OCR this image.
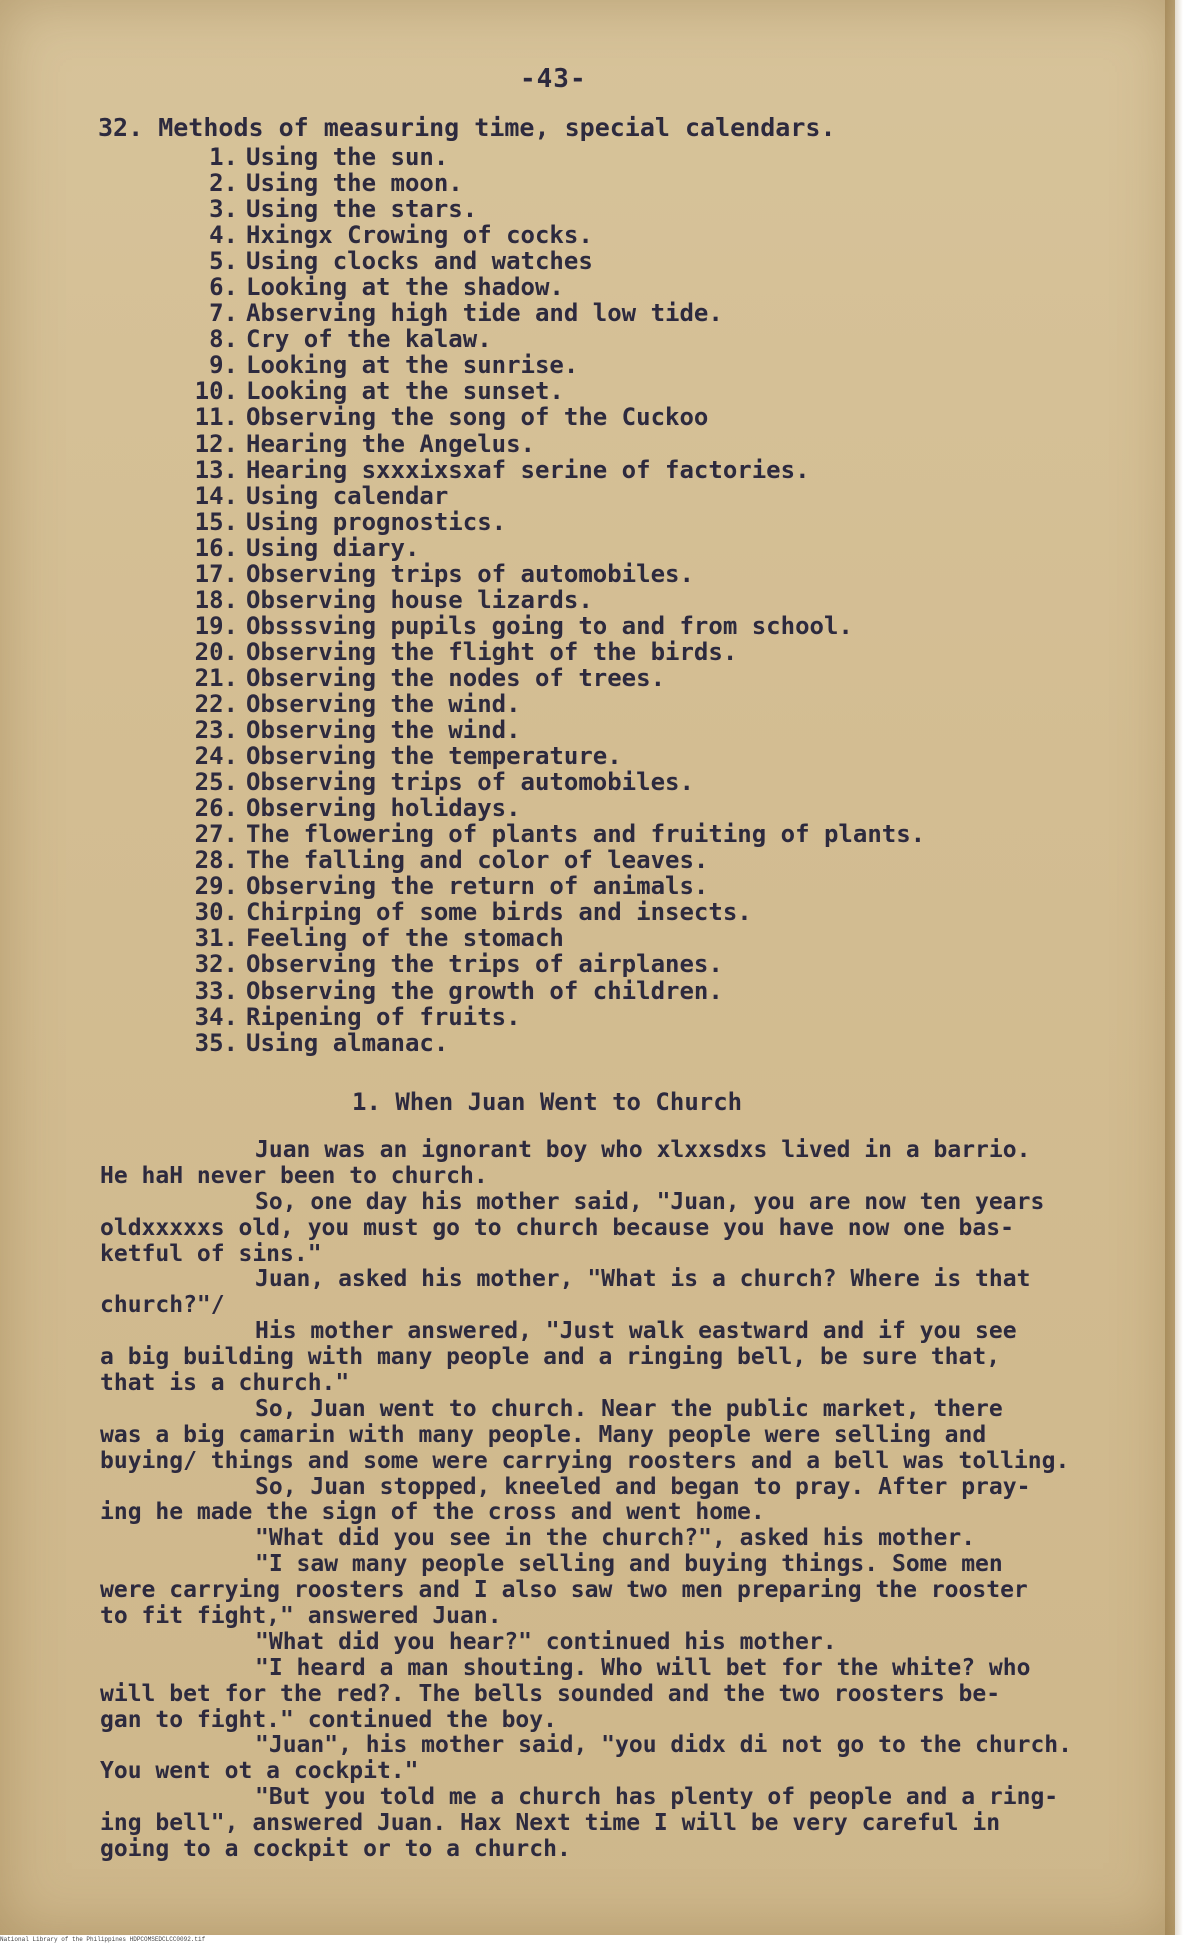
-43-
32. Methods of measuring time, special calendars.
1. Using the sun.
2. Using the moon.
3. Using the stars.
4. Hxingx Crowing of cocks.
5. Using clocks and watches
6. Looking at the shadow.
7. Abserving high tide and low tide.
8. Cry of the kalaw.
9. Looking at the sunrise.
10. Looking at the sunset.
11. Observing the song of the Cuckoo
12. Hearing the Angelus.
13. Hearing sxxxixsxaf serine of factories.
14. Using calendar
15. Using prognostics.
16. Using diary.
17. Observing trips of automobiles.
18. Observing house lizards.
19. Obsssving pupils going to and from school.
20. Observing the flight of the birds.
21. Observing the nodes of trees.
22. Observing the wind.
23. Observing the wind.
24. Observing the temperature.
25. Observing trips of automobiles.
26. Observing holidays.
27. The flowering of plants and fruiting of plants.
28. The falling and color of leaves.
29. Observing the return of animals.
30. Chirping of some birds and insects.
31. Feeling of the stomach
32. Observing the trips of airplanes.
33. Observing the growth of children.
34. Ripening of fruits.
35. Using almanac.
1. When Juan Went to Church
Juan was an ignorant boy who xlxxsdxs lived in a barrio.
He haH never been to church.
So, one day his mother said, "Juan, you are now ten years
oldxxxxxs old, you must go to church because you have now one bas-
ketful of sins."
Juan, asked his mother, "What is a church? Where is that
church?"/
His mother answered, "Just walk eastward and if you see
a big building with many people and a ringing bell, be sure that,
that is a church."
So, Juan went to church. Near the public market, there
was a big camarin with many people. Many people were selling and
buying/ things and some were carrying roosters and a bell was tolling.
So, Juan stopped, kneeled and began to pray. After pray-
ing he made the sign of the cross and went home.
"What did you see in the church?", asked his mother.
"I saw many people selling and buying things. Some men
were carrying roosters and I also saw two men preparing the rooster
to fit fight," answered Juan.
"What did you hear?" continued his mother.
"I heard a man shouting. Who will bet for the white? who
will bet for the red?. The bells sounded and the two roosters be-
gan to fight." continued the boy.
"Juan", his mother said, "you didx di not go to the church.
You went ot a cockpit."
"But you told me a church has plenty of people and a ring-
ing bell", answered Juan. Hax Next time I will be very careful in
going to a cockpit or to a church.
National Library of the Philippines HDPCOMSEDCLCC0092.tif
